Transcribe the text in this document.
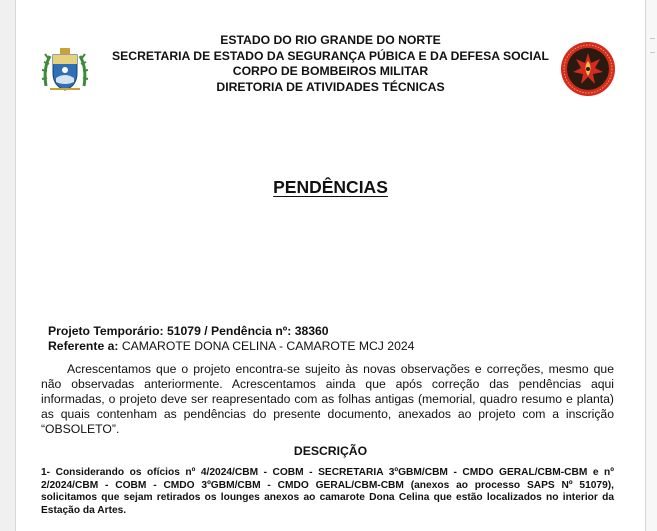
ESTADO DO RIO GRANDE DO NORTE
SECRETARIA DE ESTADO DA SEGURANÇA PÚBICA E DA DEFESA SOCIAL
CORPO DE BOMBEIROS MILITAR
DIRETORIA DE ATIVIDADES TÉCNICAS
PENDÊNCIAS
Projeto Temporário: 51079 / Pendência nº: 38360
Referente a: CAMAROTE DONA CELINA - CAMAROTE MCJ 2024
Acrescentamos que o projeto encontra-se sujeito às novas observações e correções, mesmo que não observadas anteriormente. Acrescentamos ainda que após correção das pendências aqui informadas, o projeto deve ser reapresentado com as folhas antigas (memorial, quadro resumo e planta) as quais contenham as pendências do presente documento, anexados ao projeto com a inscrição “OBSOLETO”.
DESCRIÇÃO
1- Considerando os ofícios nº 4/2024/CBM - COBM - SECRETARIA 3ºGBM/CBM - CMDO GERAL/CBM-CBM e nº 2/2024/CBM - COBM - CMDO 3ºGBM/CBM - CMDO GERAL/CBM-CBM (anexos ao processo SAPS Nº 51079), solicitamos que sejam retirados os lounges anexos ao camarote Dona Celina que estão localizados no interior da Estação da Artes.
